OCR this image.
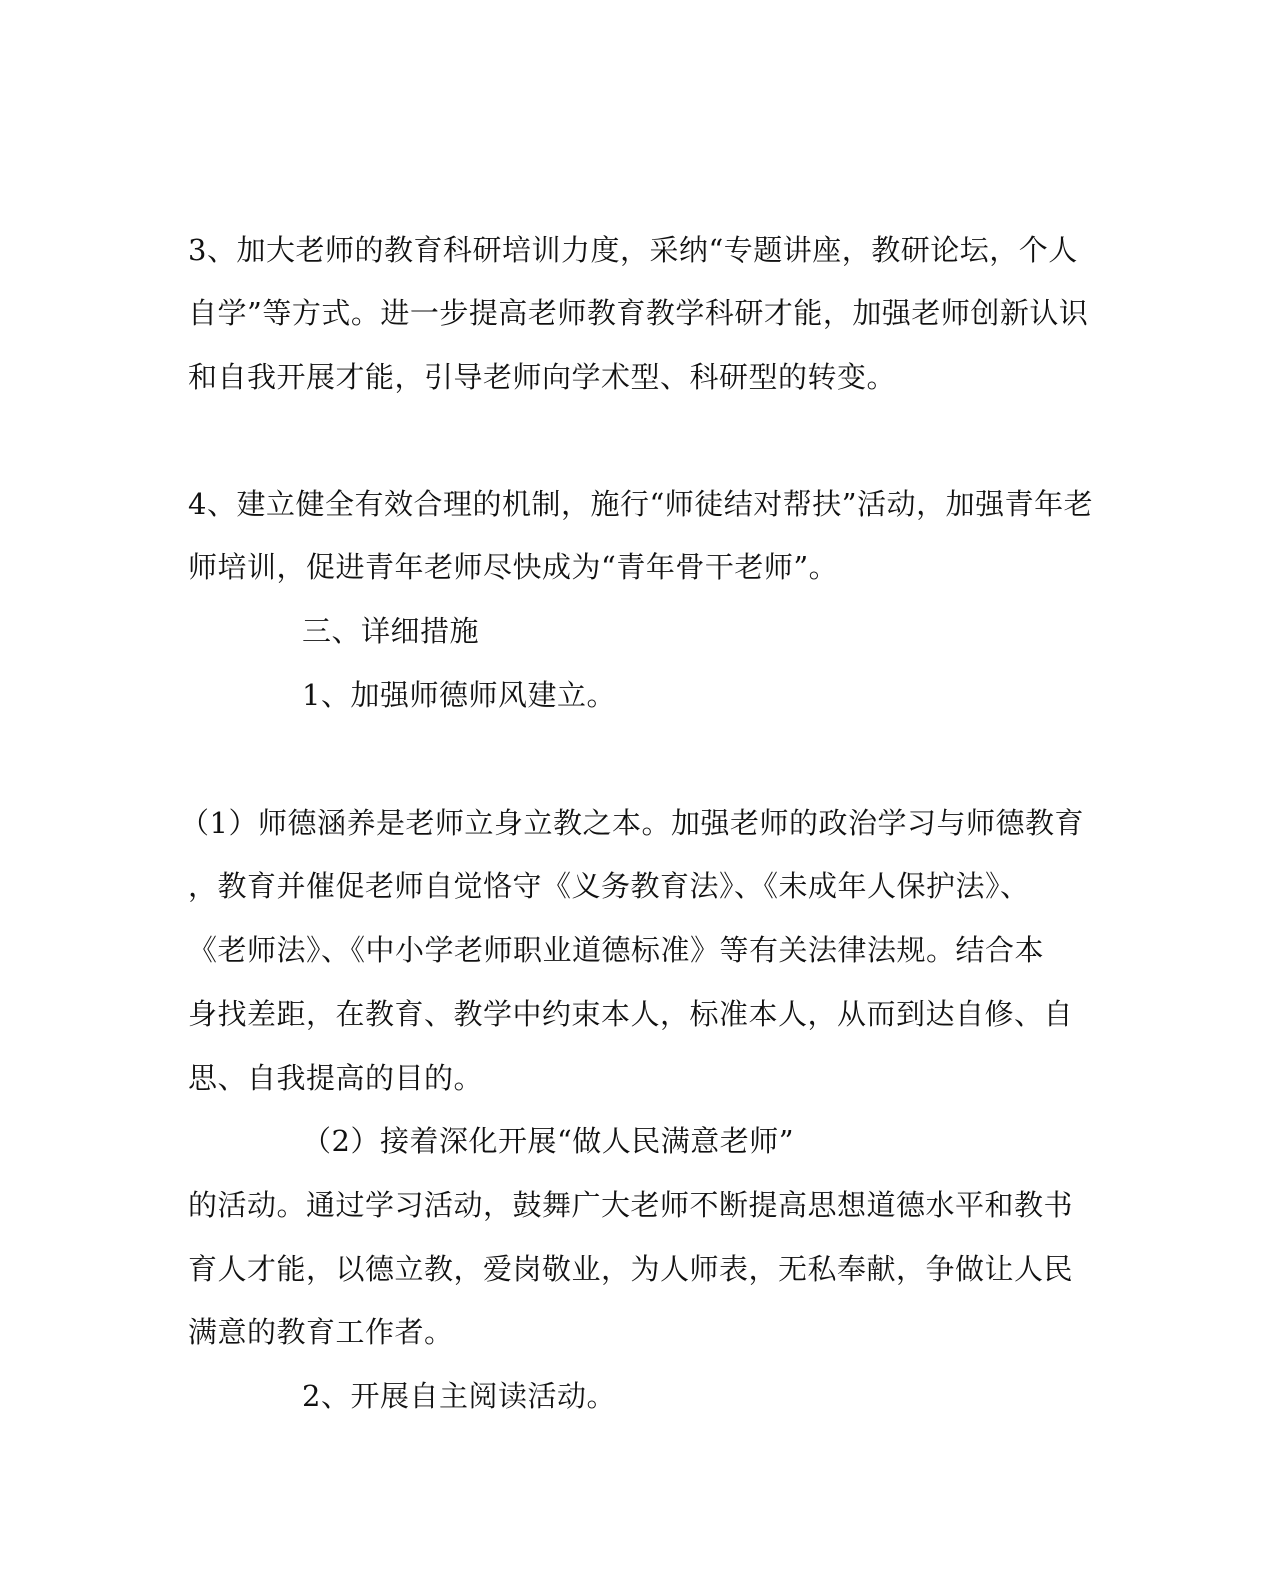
3、加大老师的教育科研培训力度，采纳“专题讲座，教研论坛，个人
自学”等方式。进一步提高老师教育教学科研才能，加强老师创新认识
和自我开展才能，引导老师向学术型、科研型的转变。
4、建立健全有效合理的机制，施行“师徒结对帮扶”活动，加强青年老
师培训，促进青年老师尽快成为“青年骨干老师”。
三、详细措施
1、加强师德师风建立。
（1）师德涵养是老师立身立教之本。加强老师的政治学习与师德教育
，教育并催促老师自觉恪守《义务教育法》、《未成年人保护法》、
《老师法》、《中小学老师职业道德标准》等有关法律法规。结合本
身找差距，在教育、教学中约束本人，标准本人，从而到达自修、自
思、自我提高的目的。
（2）接着深化开展“做人民满意老师”
的活动。通过学习活动，鼓舞广大老师不断提高思想道德水平和教书
育人才能，以德立教，爱岗敬业，为人师表，无私奉献，争做让人民
满意的教育工作者。
2、开展自主阅读活动。
